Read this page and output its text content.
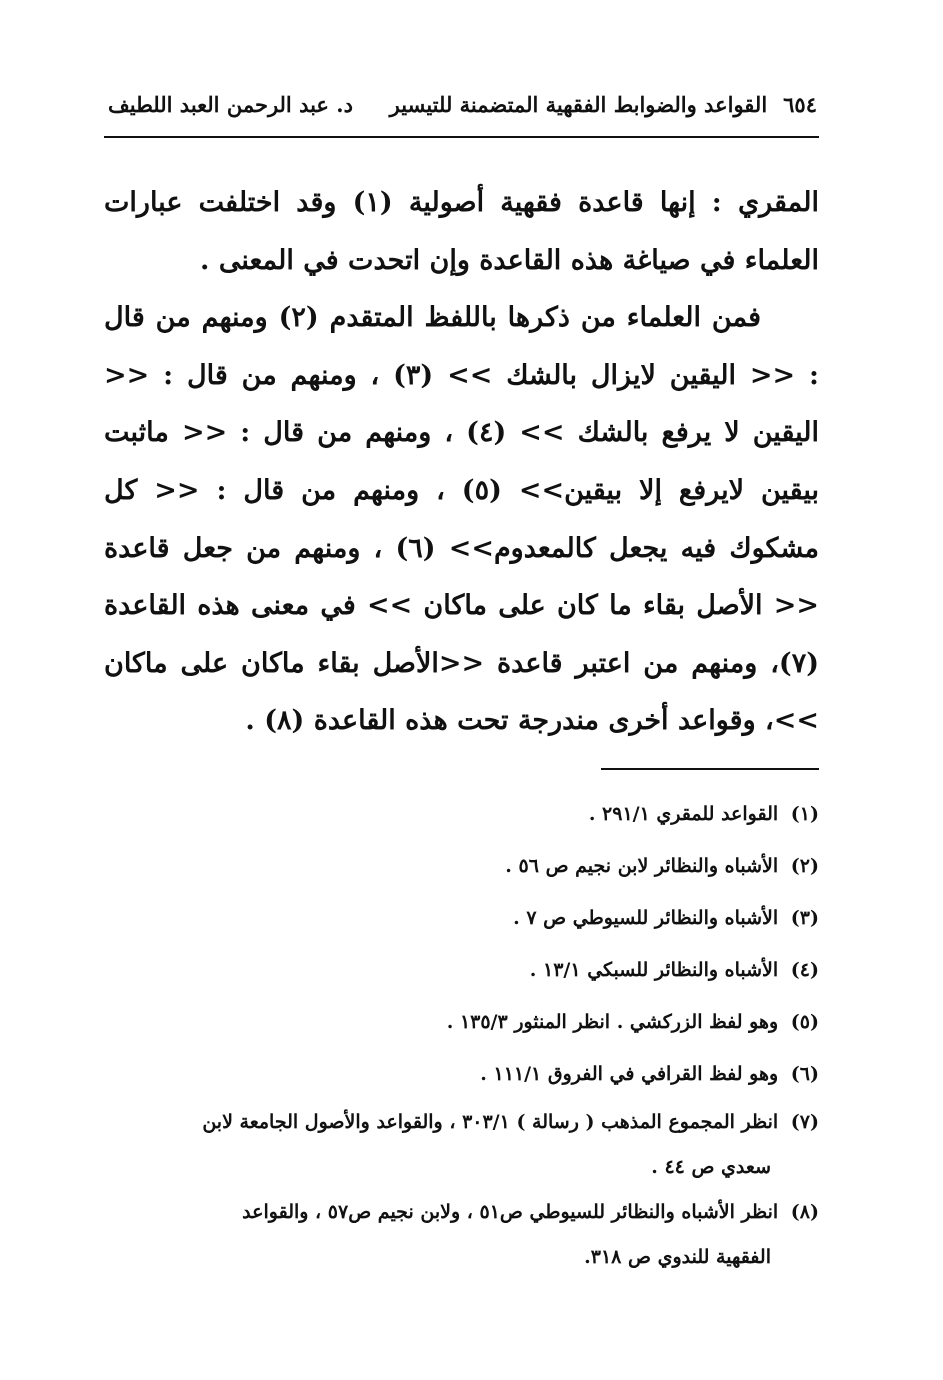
٦٥٤
القواعد والضوابط الفقهية المتضمنة للتيسير
د. عبد الرحمن العبد اللطيف

المقري : إنها قاعدة فقهية أصولية (١) وقد اختلفت عبارات العلماء في صياغة هذه القاعدة وإن اتحدت في المعنى .

فمن العلماء من ذكرها باللفظ المتقدم (٢) ومنهم من قال : << اليقين لايزال بالشك >> (٣) ، ومنهم من قال : << اليقين لا يرفع بالشك >> (٤) ، ومنهم من قال : << ماثبت بيقين لايرفع إلا بيقين>> (٥) ، ومنهم من قال : << كل مشكوك فيه يجعل كالمعدوم>> (٦) ، ومنهم من جعل قاعدة << الأصل بقاء ما كان على ماكان >> في معنى هذه القاعدة (٧)، ومنهم من اعتبر قاعدة <<الأصل بقاء ماكان على ماكان >>، وقواعد أخرى مندرجة تحت هذه القاعدة (٨) .

(١) القواعد للمقري ٢٩١/١ .
(٢) الأشباه والنظائر لابن نجيم ص ٥٦ .
(٣) الأشباه والنظائر للسيوطي ص ٧ .
(٤) الأشباه والنظائر للسبكي ١٣/١ .
(٥) وهو لفظ الزركشي . انظر المنثور ١٣٥/٣ .
(٦) وهو لفظ القرافي في الفروق ١١١/١ .
(٧) انظر المجموع المذهب ( رسالة ) ٣٠٣/١ ، والقواعد والأصول الجامعة لابن
سعدي ص ٤٤ .
(٨) انظر الأشباه والنظائر للسيوطي ص٥١ ، ولابن نجيم ص٥٧ ، والقواعد
الفقهية للندوي ص ٣١٨.
